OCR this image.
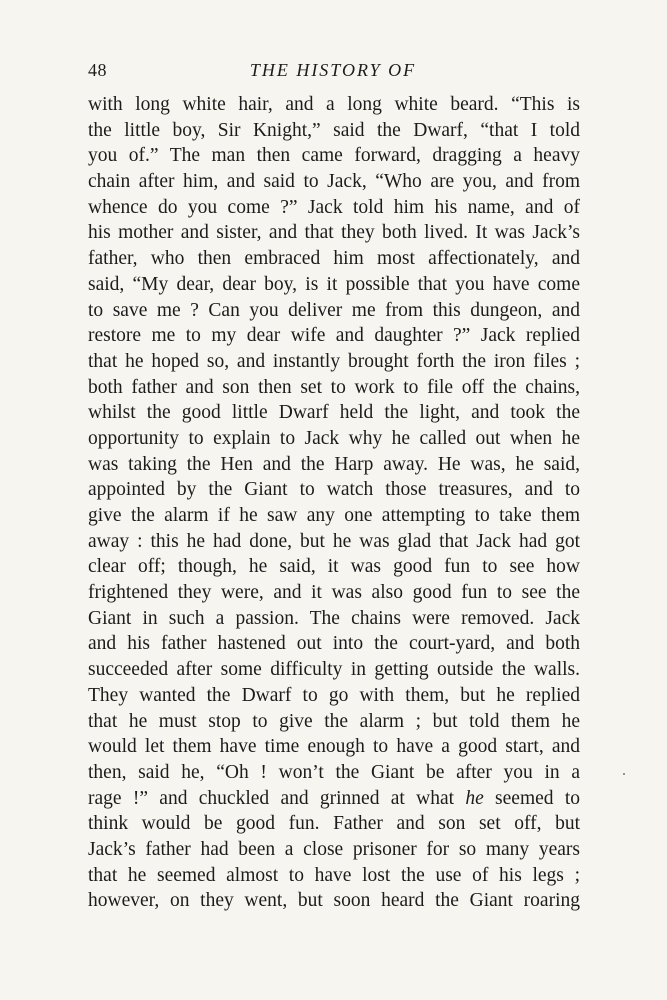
48	THE HISTORY OF
with long white hair, and a long white beard. “This is
the little boy, Sir Knight,” said the Dwarf, “that I told
you of.” The man then came forward, dragging a heavy
chain after him, and said to Jack, “Who are you, and from
whence do you come ?” Jack told him his name, and of
his mother and sister, and that they both lived. It was Jack’s
father, who then embraced him most affectionately, and
said, “My dear, dear boy, is it possible that you have come
to save me ? Can you deliver me from this dungeon, and
restore me to my dear wife and daughter ?” Jack replied
that he hoped so, and instantly brought forth the iron files ;
both father and son then set to work to file off the chains,
whilst the good little Dwarf held the light, and took the
opportunity to explain to Jack why he called out when he
was taking the Hen and the Harp away. He was, he said,
appointed by the Giant to watch those treasures, and to
give the alarm if he saw any one attempting to take them
away : this he had done, but he was glad that Jack had got
clear off; though, he said, it was good fun to see how
frightened they were, and it was also good fun to see the
Giant in such a passion. The chains were removed. Jack
and his father hastened out into the court-yard, and both
succeeded after some difficulty in getting outside the walls.
They wanted the Dwarf to go with them, but he replied
that he must stop to give the alarm ; but told them he
would let them have time enough to have a good start, and
then, said he, “Oh ! won’t the Giant be after you in a
rage !” and chuckled and grinned at what he seemed to
think would be good fun. Father and son set off, but
Jack’s father had been a close prisoner for so many years
that he seemed almost to have lost the use of his legs ;
however, on they went, but soon heard the Giant roaring
